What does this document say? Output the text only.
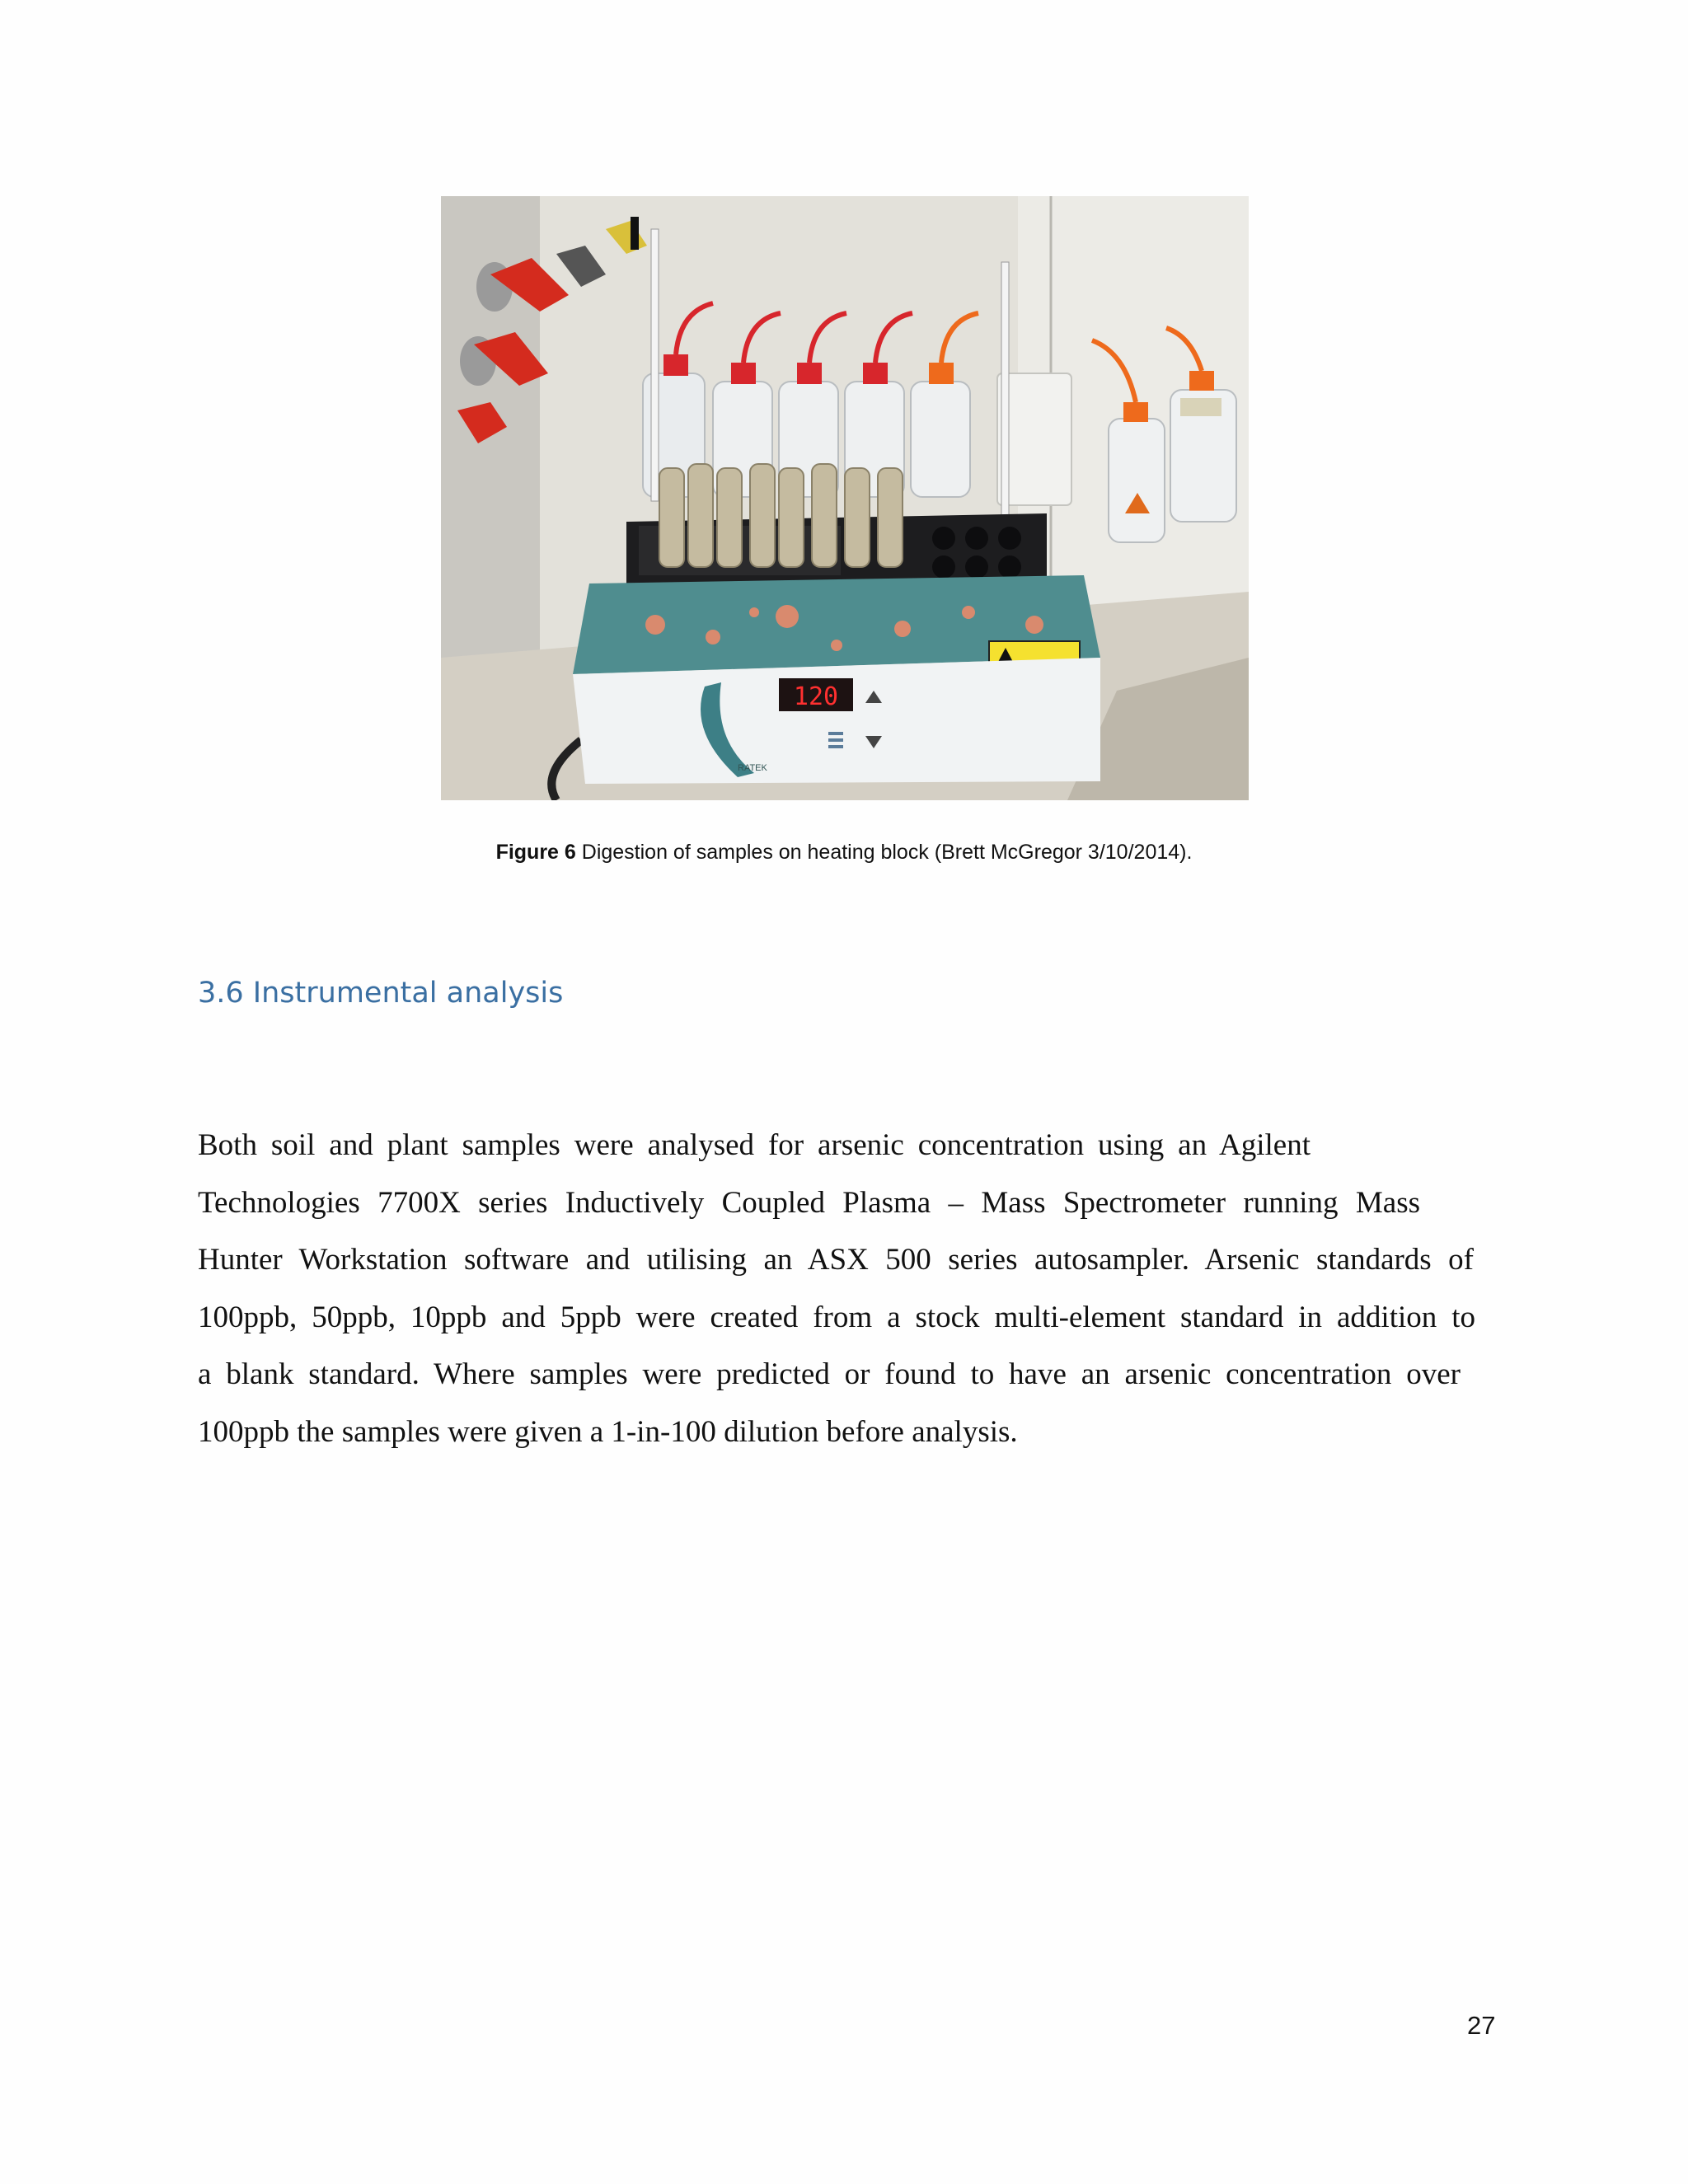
120
RATEK
Figure 6 Digestion of samples on heating block (Brett McGregor 3/10/2014).
3.6 Instrumental analysis
Both soil and plant samples were analysed for arsenic concentration using an Agilent
Technologies 7700X series Inductively Coupled Plasma – Mass Spectrometer running Mass
Hunter Workstation software and utilising an ASX 500 series autosampler. Arsenic standards of
100ppb, 50ppb, 10ppb and 5ppb were created from a stock multi-element standard in addition to
a blank standard. Where samples were predicted or found to have an arsenic concentration over
100ppb the samples were given a 1-in-100 dilution before analysis.
27
